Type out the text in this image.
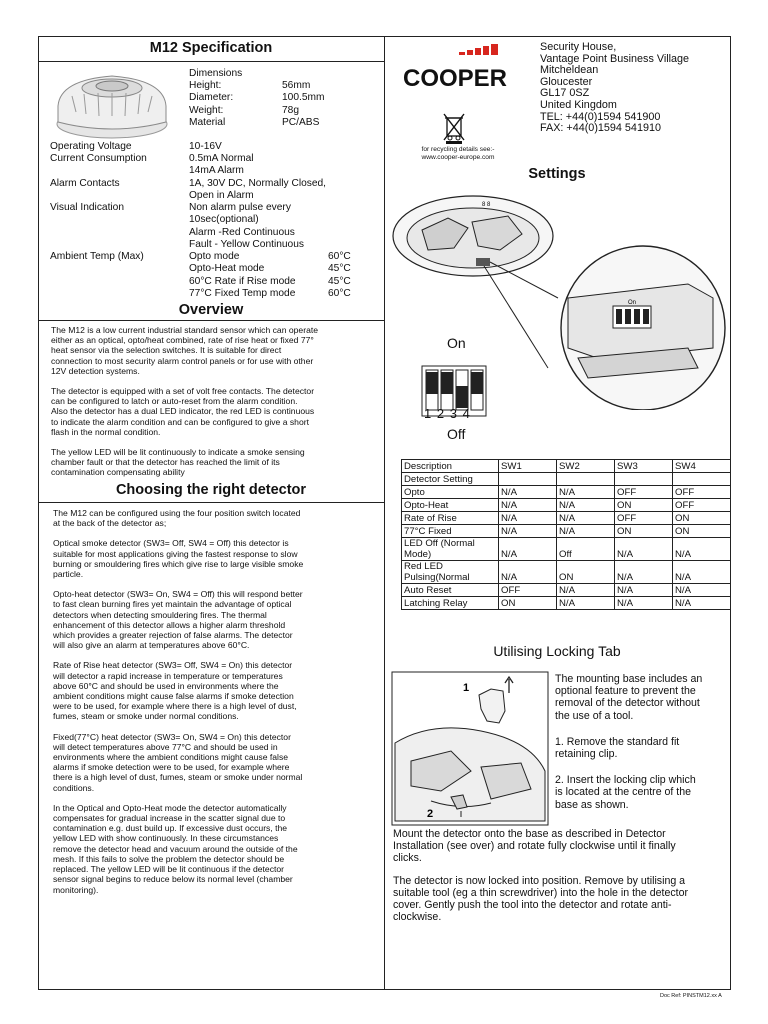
M12 Specification
Dimensions
Height:	56mm
Diameter:	100.5mm
Weight:	78g
Material	PC/ABS
Operating Voltage	10-16V
Current Consumption	0.5mA Normal
14mA Alarm
Alarm Contacts	1A, 30V DC, Normally Closed,
Open in Alarm
Visual Indication	Non alarm pulse every
10sec(optional)
Alarm -Red Continuous
Fault - Yellow Continuous
Ambient Temp (Max)	Opto mode	60°C
Opto-Heat mode	45°C
60°C Rate if Rise mode	45°C
77°C Fixed Temp mode	60°C
Overview
The M12 is a low current industrial standard sensor which can operate
either as an optical, opto/heat combined, rate of rise heat or fixed 77°
heat sensor via the selection switches. It is suitable for direct
connection to most security alarm control panels or for use with other
12V detection systems.
The detector is equipped with a set of volt free contacts. The detector
can be configured to latch or auto-reset from the alarm condition.
Also the detector has a dual LED indicator, the red LED is continuous
to indicate the alarm condition and can be configured to give a short
flash in the normal condition.
The yellow LED will be lit continuously to indicate a smoke sensing
chamber fault or that the detector has reached the limit of its
contamination compensating ability
Choosing the right detector
The M12 can be configured using the four position switch located
at the back of the detector as;
Optical smoke detector (SW3= Off, SW4 = Off) this detector is
suitable for most applications giving the fastest response to slow
burning or smouldering fires which give rise to large visible smoke
particle.
Opto-heat detector (SW3= On, SW4 = Off) this will respond better
to fast clean burning fires yet maintain the advantage of optical
detectors when detecting smouldering fires. The thermal
enhancement of this detector allows a higher alarm threshold
which provides a greater rejection of false alarms. The detector
will also give an alarm at temperatures above 60°C.
Rate of Rise heat detector (SW3= Off, SW4 = On) this detector
will detector a rapid increase in temperature or temperatures
above 60°C and should be used in environments where the
ambient conditions might cause false alarms if smoke detection
were to be used, for example where there is a high level of dust,
fumes, steam or smoke under normal conditions.
Fixed(77°C) heat detector (SW3= On, SW4 = On) this detector
will detect temperatures above 77°C and should be used in
environments where the ambient conditions might cause false
alarms if smoke detection were to be used, for example where
there is a high level of dust, fumes, steam or smoke under normal
conditions.
In the Optical and Opto-Heat mode the detector automatically
compensates for gradual increase in the scatter signal due to
contamination e.g. dust build up. If excessive dust occurs, the
yellow LED with show continuously. In these circumstances
remove the detector head and vacuum around the outside of the
mesh. If this fails to solve the problem the detector should be
replaced. The yellow LED will be lit continuous if the detector
sensor signal begins to reduce below its normal level (chamber
monitoring).
COOPER
for recycling details see:-
www.cooper-europe.com
Security House,
Vantage Point Business Village
Mitcheldean
Gloucester
GL17 0SZ
United Kingdom
TEL: +44(0)1594 541900
FAX: +44(0)1594 541910
Settings
8 8
On
On
1 2 3 4
Off
Description	SW1	SW2	SW3	SW4
Detector Setting				
Opto	N/A	N/A	OFF	OFF
Opto-Heat	N/A	N/A	ON	OFF
Rate of Rise	N/A	N/A	OFF	ON
77°C Fixed	N/A	N/A	ON	ON
LED Off (Normal
Mode)	N/A	Off	N/A	N/A
Red LED
Pulsing(Normal	N/A	ON	N/A	N/A
Auto Reset	OFF	N/A	N/A	N/A
Latching Relay	ON	N/A	N/A	N/A
Utilising Locking Tab
1
2
The mounting base includes an
optional feature to prevent the
removal of the detector without
the use of a tool.
1. Remove the standard fit
retaining clip.
2. Insert the locking clip which
is located at the centre of the
base as shown.
Mount the detector onto the base as described in Detector
Installation (see over) and rotate fully clockwise until it finally
clicks.
The detector is now locked into position. Remove by utilising a
suitable tool (eg a thin screwdriver) into the hole in the detector
cover. Gently push the tool into the detector and rotate anti-
clockwise.
Doc Ref: PINSTM12.xx A
